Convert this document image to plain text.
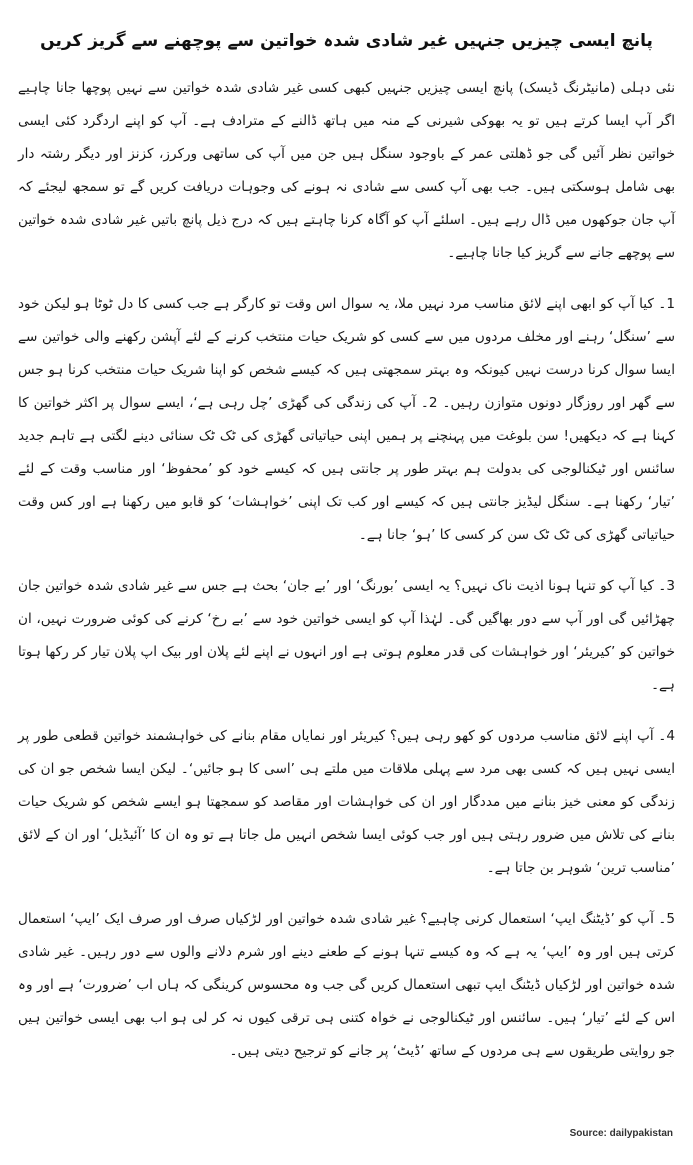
پانچ ایسی چیزیں جنہیں غیر شادی شدہ خواتین سے پوچھنے سے گریز کریں

نئی دہلی (مانیٹرنگ ڈیسک) پانچ ایسی چیزیں جنہیں کبھی کسی غیر شادی شدہ خواتین سے نہیں پوچھا جانا چاہیے اگر آپ ایسا کرتے ہیں تو یہ بھوکی شیرنی کے منہ میں ہاتھ ڈالنے کے مترادف ہے۔ آپ کو اپنے اردگرد کئی ایسی خواتین نظر آئیں گی جو ڈھلتی عمر کے باوجود سنگل ہیں جن میں آپ کی ساتھی ورکرز، کزنز اور دیگر رشتہ دار بھی شامل ہوسکتی ہیں۔ جب بھی آپ کسی سے شادی نہ ہونے کی وجوہات دریافت کریں گے تو سمجھ لیجئے کہ آپ جان جوکھوں میں ڈال رہے ہیں۔ اسلئے آپ کو آگاہ کرنا چاہتے ہیں کہ درج ذیل پانچ باتیں غیر شادی شدہ خواتین سے پوچھے جانے سے گریز کیا جانا چاہیے۔

1۔ کیا آپ کو ابھی اپنے لائق مناسب مرد نہیں ملا، یہ سوال اس وقت تو کارگر ہے جب کسی کا دل ٹوٹا ہو لیکن خود سے ’سنگل‘ رہنے اور مخلف مردوں میں سے کسی کو شریک حیات منتخب کرنے کے لئے آپشن رکھنے والی خواتین سے ایسا سوال کرنا درست نہیں کیونکہ وہ بہتر سمجھتی ہیں کہ کیسے شخص کو اپنا شریک حیات منتخب کرنا ہو جس سے گھر اور روزگار دونوں متوازن رہیں۔ 2۔ آپ کی زندگی کی گھڑی ’چل رہی ہے‘، ایسے سوال پر اکثر خواتین کا کہنا ہے کہ دیکھیں! سن بلوغت میں پہنچنے پر ہمیں اپنی حیاتیاتی گھڑی کی ٹک ٹک سنائی دینے لگتی ہے تاہم جدید سائنس اور ٹیکنالوجی کی بدولت ہم بہتر طور پر جانتی ہیں کہ کیسے خود کو ’محفوظ‘ اور مناسب وقت کے لئے ’تیار‘ رکھنا ہے۔ سنگل لیڈیز جانتی ہیں کہ کیسے اور کب تک اپنی ’خواہشات‘ کو قابو میں رکھنا ہے اور کس وقت حیاتیاتی گھڑی کی ٹک ٹک سن کر کسی کا ’ہو‘ جانا ہے۔

3۔ کیا آپ کو تنہا ہونا اذیت ناک نہیں؟ یہ ایسی ’بورنگ‘ اور ’بے جان‘ بحث ہے جس سے غیر شادی شدہ خواتین جان چھڑائیں گی اور آپ سے دور بھاگیں گی۔ لہٰذا آپ کو ایسی خواتین خود سے ’بے رخ‘ کرنے کی کوئی ضرورت نہیں، ان خواتین کو ’کیریئر‘ اور خواہشات کی قدر معلوم ہوتی ہے اور انہوں نے اپنے لئے پلان اور بیک اپ پلان تیار کر رکھا ہوتا ہے۔

4۔ آپ اپنے لائق مناسب مردوں کو کھو رہی ہیں؟ کیریئر اور نمایاں مقام بنانے کی خواہشمند خواتین قطعی طور پر ایسی نہیں ہیں کہ کسی بھی مرد سے پہلی ملاقات میں ملتے ہی ’اسی کا ہو جائیں‘۔ لیکن ایسا شخص جو ان کی زندگی کو معنی خیز بنانے میں مددگار اور ان کی خواہشات اور مقاصد کو سمجھتا ہو ایسے شخص کو شریک حیات بنانے کی تلاش میں ضرور رہتی ہیں اور جب کوئی ایسا شخص انہیں مل جاتا ہے تو وہ ان کا ’آئیڈیل‘ اور ان کے لائق ’مناسب ترین‘ شوہر بن جاتا ہے۔

5۔ آپ کو ’ڈیٹنگ ایپ‘ استعمال کرنی چاہیے؟ غیر شادی شدہ خواتین اور لڑکیاں صرف اور صرف ایک ’ایپ‘ استعمال کرتی ہیں اور وہ ’ایپ‘ یہ ہے کہ وہ کیسے تنہا ہونے کے طعنے دینے اور شرم دلانے والوں سے دور رہیں۔ غیر شادی شدہ خواتین اور لڑکیاں ڈیٹنگ ایپ تبھی استعمال کریں گی جب وہ محسوس کرینگی کہ ہاں اب ’ضرورت‘ ہے اور وہ اس کے لئے ’تیار‘ ہیں۔ سائنس اور ٹیکنالوجی نے خواہ کتنی ہی ترقی کیوں نہ کر لی ہو اب بھی ایسی خواتین ہیں جو روایتی طریقوں سے ہی مردوں کے ساتھ ’ڈیٹ‘ پر جانے کو ترجیح دیتی ہیں۔

Source: dailypakistan
